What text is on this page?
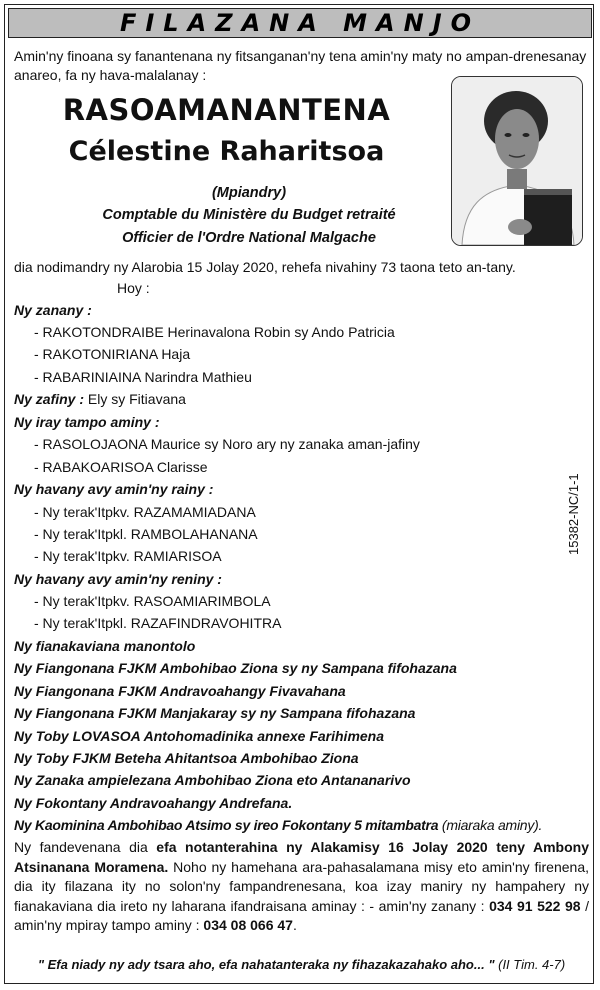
FILAZANA MANJO
Amin'ny finoana sy fanantenana ny fitsanganan'ny tena amin'ny maty no ampan-drenesanay anareo, fa ny hava-malalanay :
RASOAMANANTENA
Célestine Raharitsoa
(Mpiandry)
Comptable du Ministère du Budget retraité
Officier de l'Ordre National Malgache
dia nodimandry ny Alarobia 15 Jolay 2020, rehefa nivahiny 73 taona teto an-tany.
Hoy :
Ny zanany :
- RAKOTONDRAIBE Herinavalona Robin sy Ando Patricia
- RAKOTONIRIANA Haja
- RABARINIAINA Narindra Mathieu
Ny zafiny : Ely sy Fitiavana
Ny iray tampo aminy :
- RASOLOJAONA Maurice sy Noro ary ny zanaka aman-jafiny
- RABAKOARISOA Clarisse
Ny havany avy amin'ny rainy :
- Ny terak'Itpkv. RAZAMAMIADANA
- Ny terak'Itpkl. RAMBOLAHANANA
- Ny terak'Itpkv. RAMIARISOA
Ny havany avy amin'ny reniny :
- Ny terak'Itpkv. RASOAMIARIMBOLA
- Ny terak'Itpkl. RAZAFINDRAVOHITRA
Ny fianakaviana manontolo
Ny Fiangonana FJKM Ambohibao Ziona sy ny Sampana fifohazana
Ny Fiangonana FJKM Andravoahangy Fivavahana
Ny Fiangonana FJKM Manjakaray sy ny Sampana fifohazana
Ny Toby LOVASOA Antohomadinika annexe Farihimena
Ny Toby FJKM Beteha Ahitantsoa Ambohibao Ziona
Ny Zanaka ampielezana Ambohibao Ziona eto Antananarivo
Ny Fokontany Andravoahangy Andrefana.
Ny Kaominina Ambohibao Atsimo sy ireo Fokontany 5 mitambatra (miaraka aminy).
Ny fandevenana dia efa notanterahina ny Alakamisy 16 Jolay 2020 teny Ambony Atsinanana Moramena. Noho ny hamehana ara-pahasalamana misy eto amin'ny firenena, dia ity filazana ity no solon'ny fampandrenesana, koa izay maniry ny hampahery ny fianakaviana dia ireto ny laharana ifandraisana aminay : - amin'ny zanany : 034 91 522 98 / amin'ny mpiray tampo aminy : 034 08 066 47.
" Efa niady ny ady tsara aho, efa nahatanteraka ny fihazakazahako aho... " (II Tim. 4-7)
15382-NC/1-1
